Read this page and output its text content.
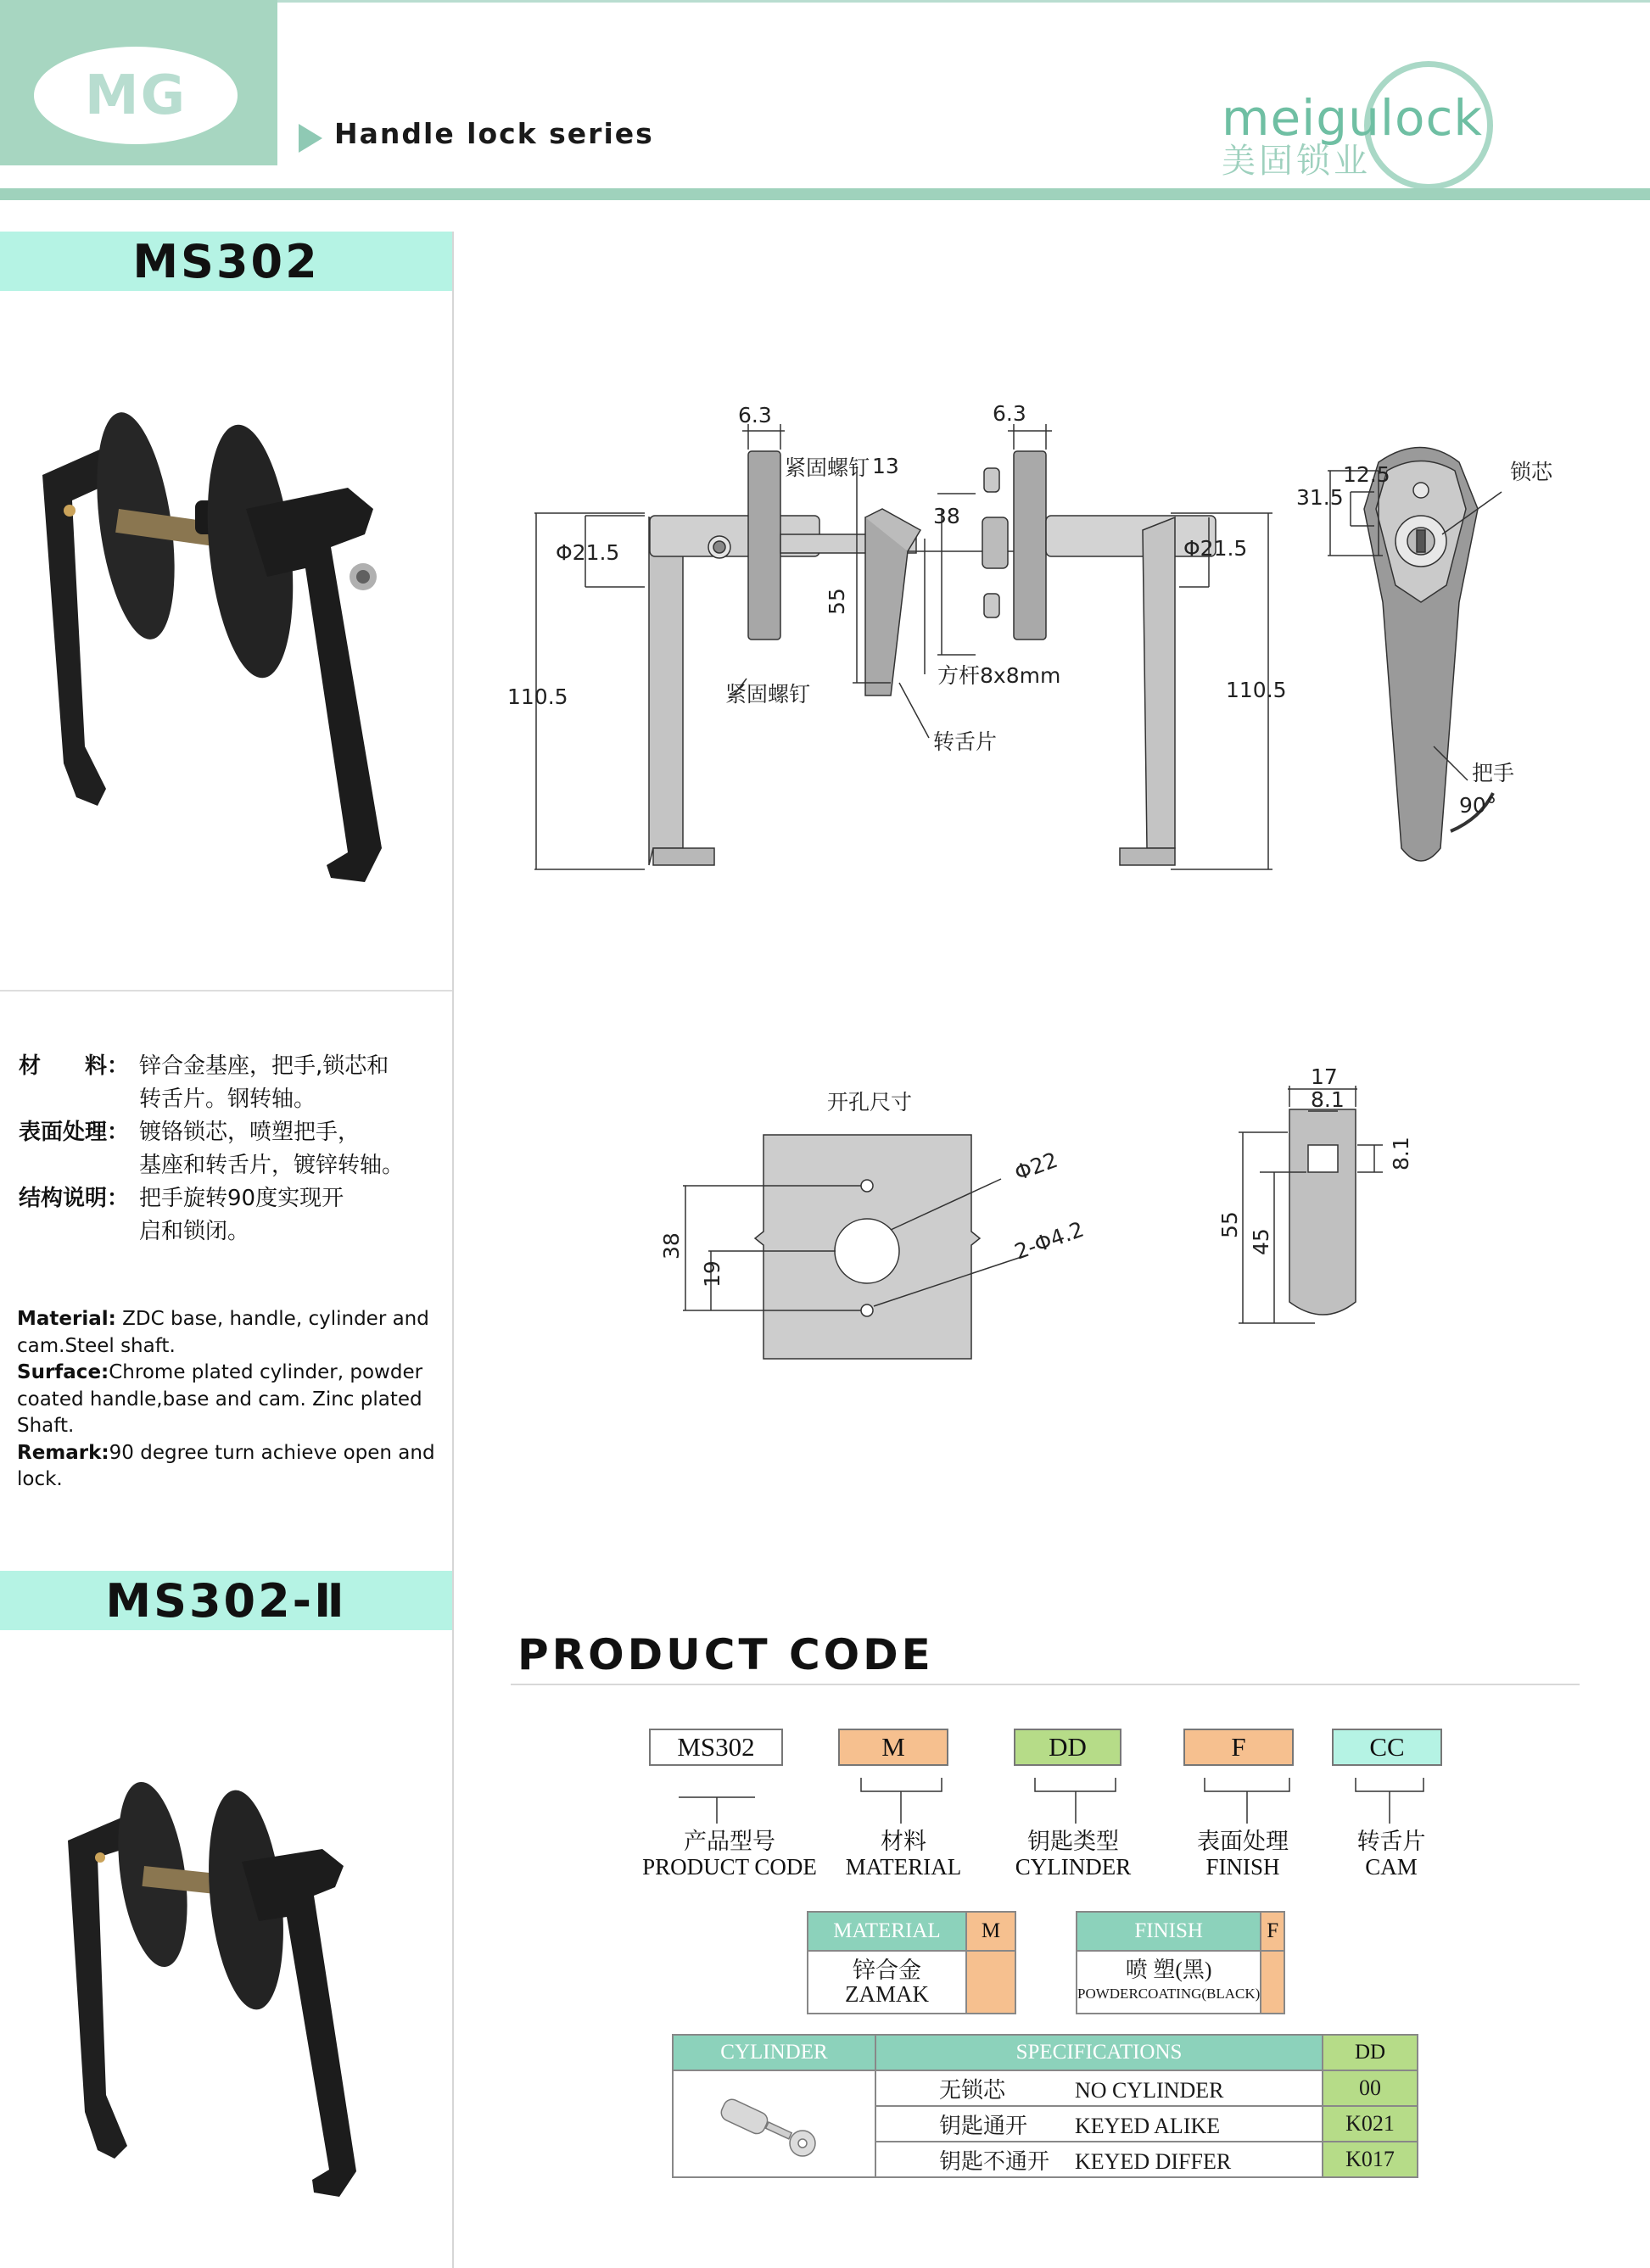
MG
Handle lock series	meigulock
美固锁业
MS302
材　　料： 锌合金基座，把手,锁芯和
转舌片。钢转轴。
表面处理： 镀铬锁芯，喷塑把手，
基座和转舌片，镀锌转轴。
结构说明： 把手旋转90度实现开
启和锁闭。
Material: ZDC base, handle, cylinder and cam.Steel shaft.
Surface:Chrome plated cylinder, powder coated handle,base and cam. Zinc plated Shaft.
Remark:90 degree turn achieve open and lock.
MS302-Ⅱ
6.3	6.3
13
38
Φ21.5	Φ21.5
110.5	110.5
55
紧固螺钉
紧固螺钉
方杆8x8mm
转舌片
12.5
31.5
锁芯
把手
90°
开孔尺寸
38
19
Φ22
2-Φ4.2
17
8.1
8.1
55
45
PRODUCT CODE
MS302	M	DD	F	CC
产品型号
PRODUCT CODE
材料
MATERIAL
钥匙类型
CYLINDER
表面处理
FINISH
转舌片
CAM
MATERIAL	M

锌合金
ZAMAK	

FINISH	F

喷 塑(黑)
POWDERCOATING(BLACK)	

CYLINDER	SPECIFICATIONS	DD
	无锁芯 NO CYLINDER	00
	钥匙通开 KEYED ALIKE	K021
	钥匙不通开 KEYED DIFFER	K017
